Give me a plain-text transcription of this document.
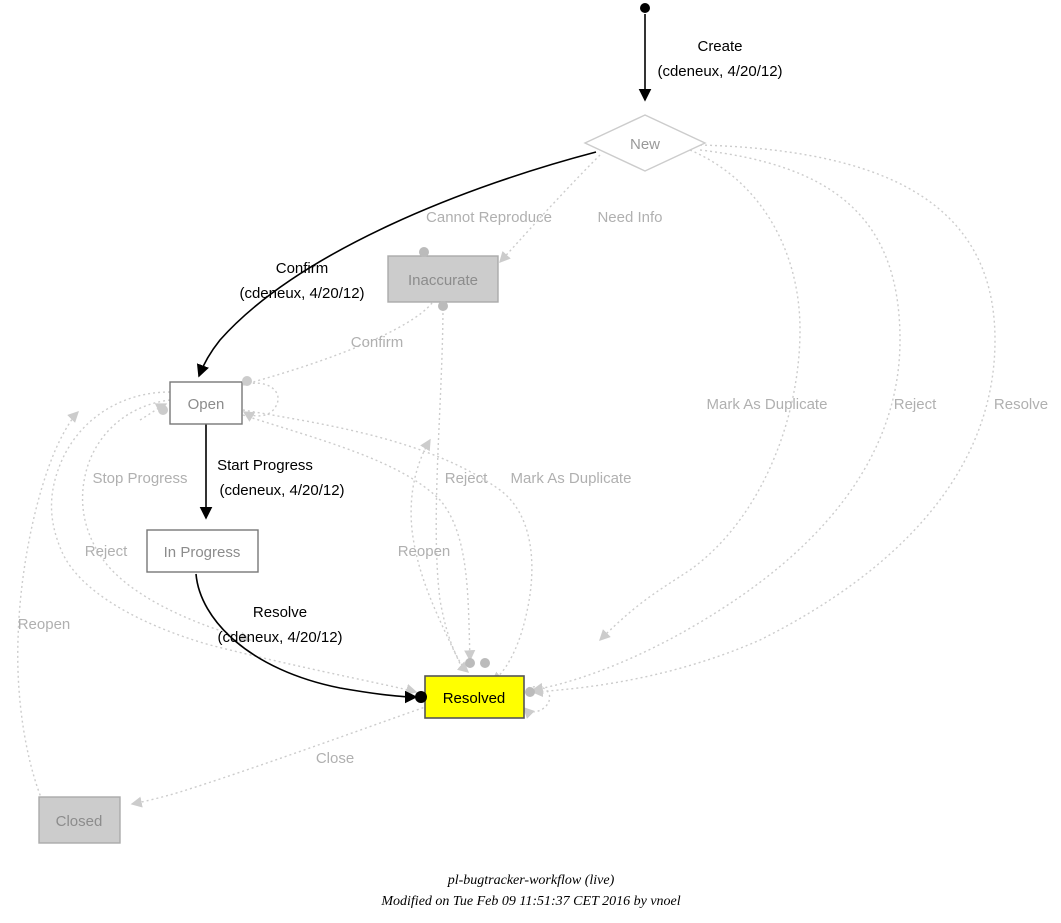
New
Inaccurate
Open
In Progress
Resolved
Closed
Create
(cdeneux, 4/20/12)
Confirm
(cdeneux, 4/20/12)
Start Progress
(cdeneux, 4/20/12)
Resolve
(cdeneux, 4/20/12)
Cannot Reproduce	Need Info
Confirm
Mark As Duplicate	Reject	Resolve
Stop Progress	Reject Mark As Duplicate
Reject	Reopen
Reopen
Close
pl-bugtracker-workflow (live)
Modified on Tue Feb 09 11:51:37 CET 2016 by vnoel
